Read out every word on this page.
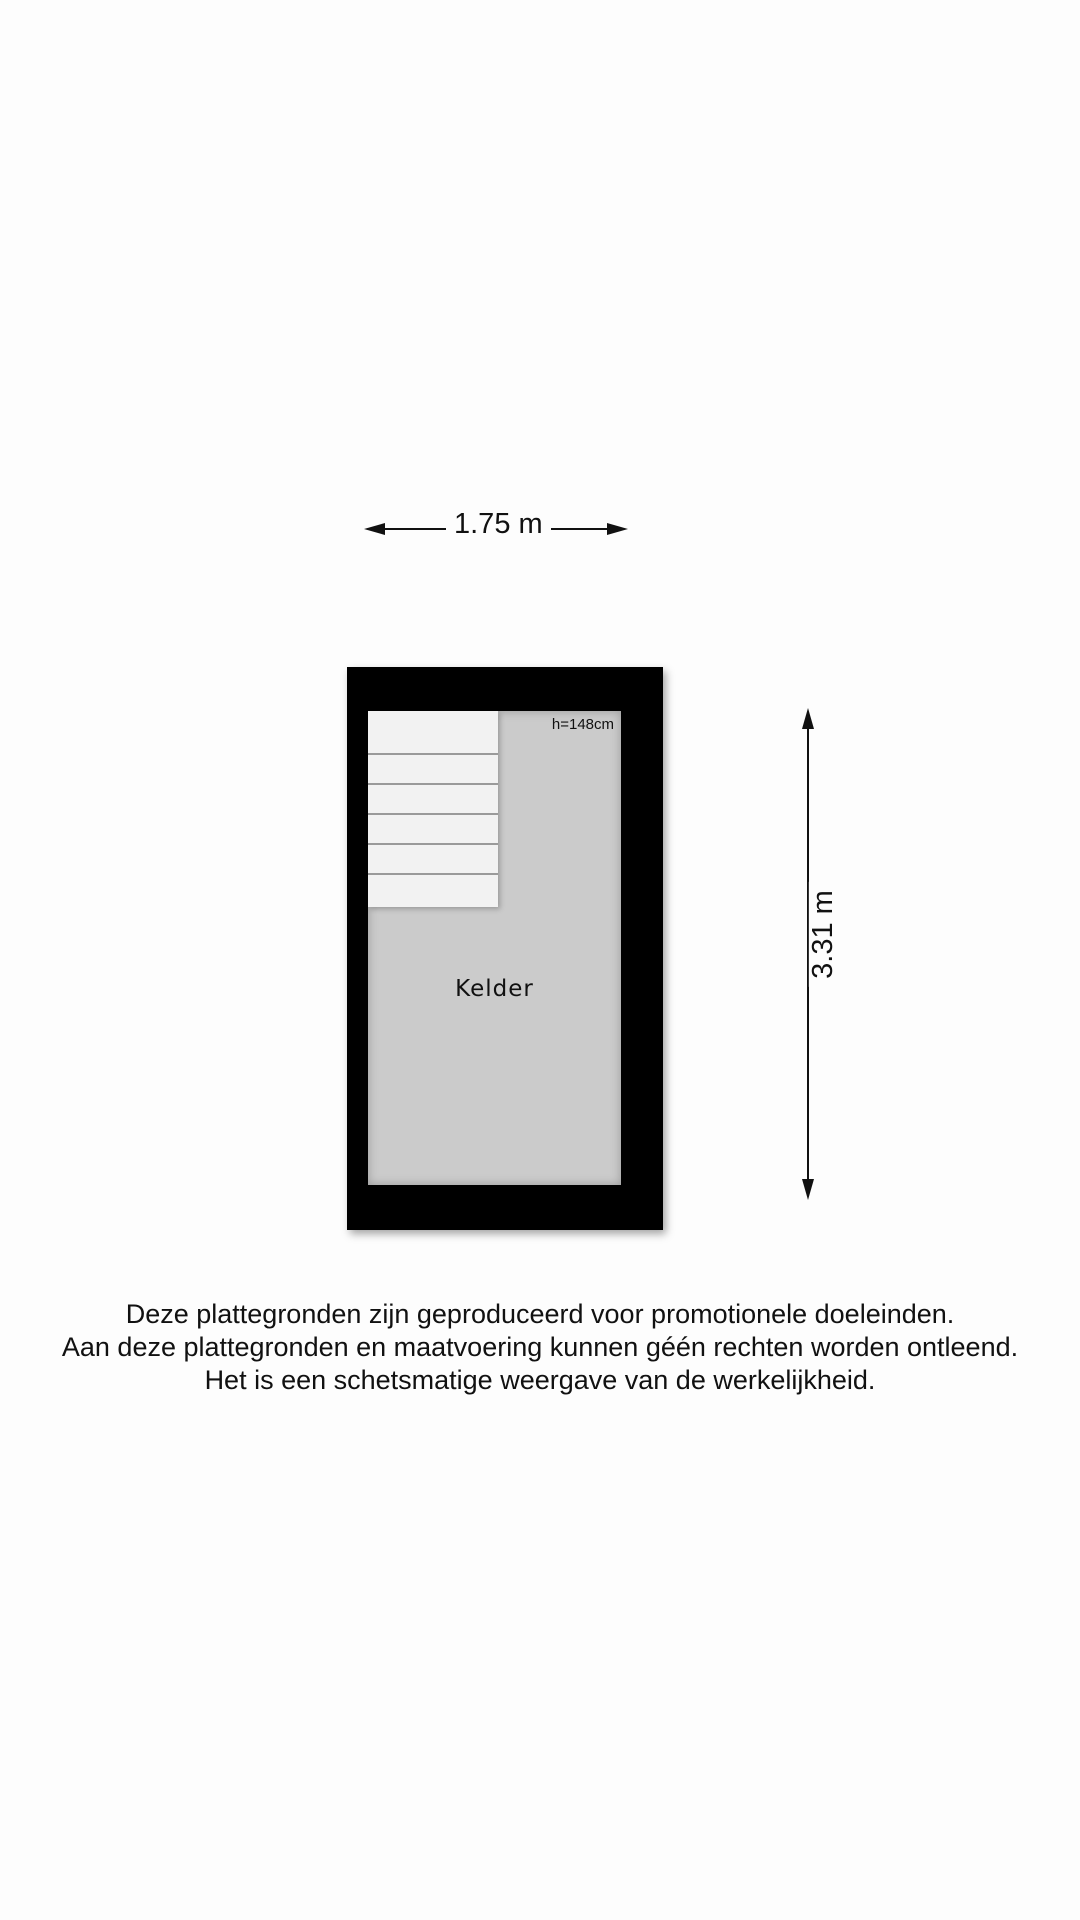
1.75 m
3.31 m
h=148cm
Kelder
Deze plattegronden zijn geproduceerd voor promotionele doeleinden.
Aan deze plattegronden en maatvoering kunnen géén rechten worden ontleend.
Het is een schetsmatige weergave van de werkelijkheid.
